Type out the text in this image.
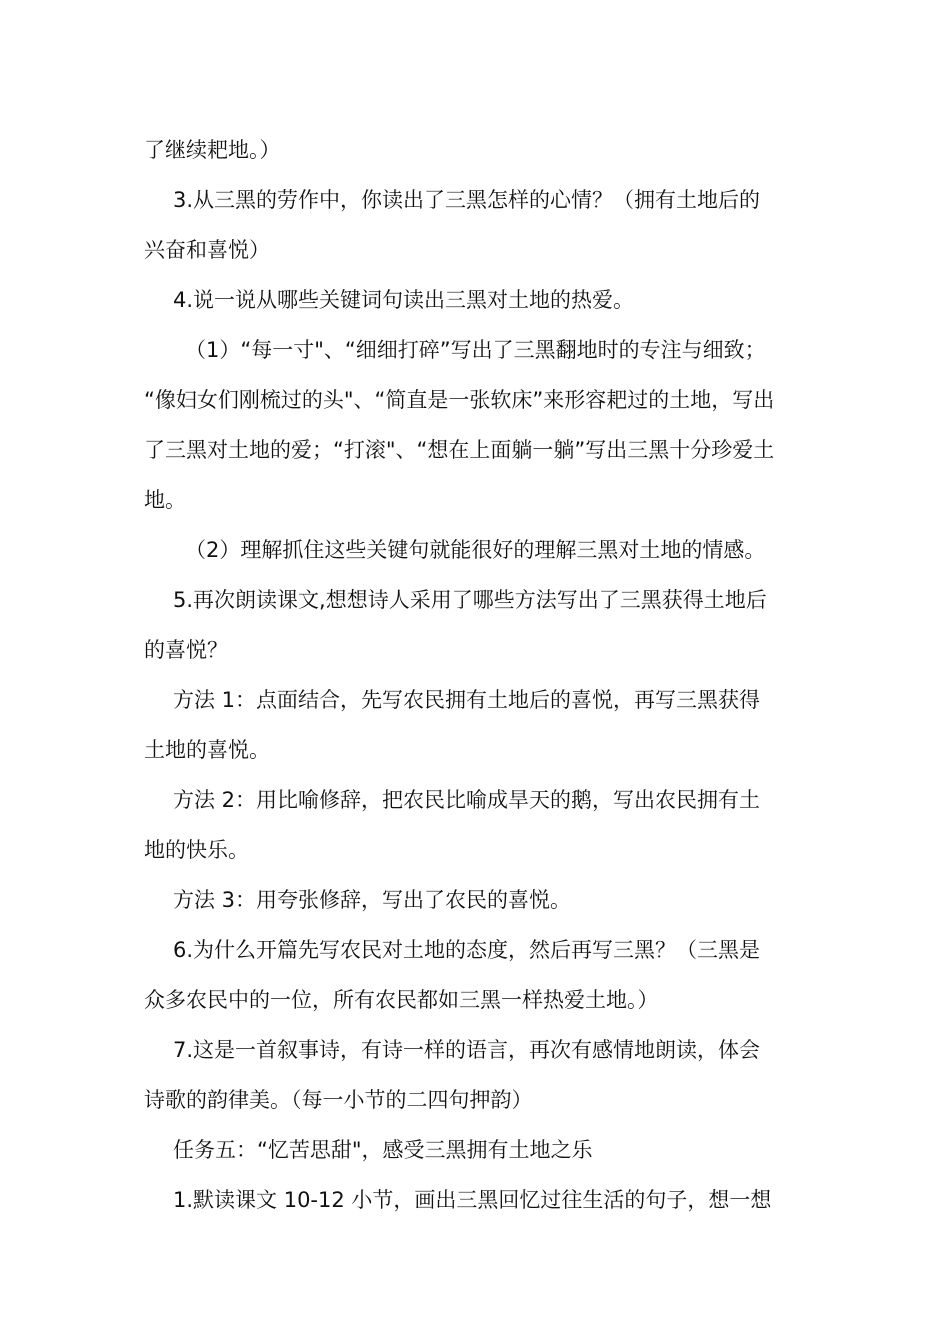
了继续耙地。）
3.从三黑的劳作中，你读出了三黑怎样的心情？（拥有土地后的
兴奋和喜悦）
4.说一说从哪些关键词句读出三黑对土地的热爱。
（1）“每一寸"、“细细打碎”写出了三黑翻地时的专注与细致；
“像妇女们刚梳过的头"、“简直是一张软床”来形容耙过的土地，写出
了三黑对土地的爱；“打滚"、“想在上面躺一躺”写出三黑十分珍爱土
地。
（2）理解抓住这些关键句就能很好的理解三黑对土地的情感。
5.再次朗读课文,想想诗人采用了哪些方法写出了三黑获得土地后
的喜悦？
方法 1：点面结合，先写农民拥有土地后的喜悦，再写三黑获得
土地的喜悦。
方法 2：用比喻修辞，把农民比喻成旱天的鹅，写出农民拥有土
地的快乐。
方法 3：用夸张修辞，写出了农民的喜悦。
6.为什么开篇先写农民对土地的态度，然后再写三黑？（三黑是
众多农民中的一位，所有农民都如三黑一样热爱土地。）
7.这是一首叙事诗，有诗一样的语言，再次有感情地朗读，体会
诗歌的韵律美。（每一小节的二四句押韵）
任务五：“忆苦思甜"，感受三黑拥有土地之乐
1.默读课文 10-12 小节，画出三黑回忆过往生活的句子，想一想
